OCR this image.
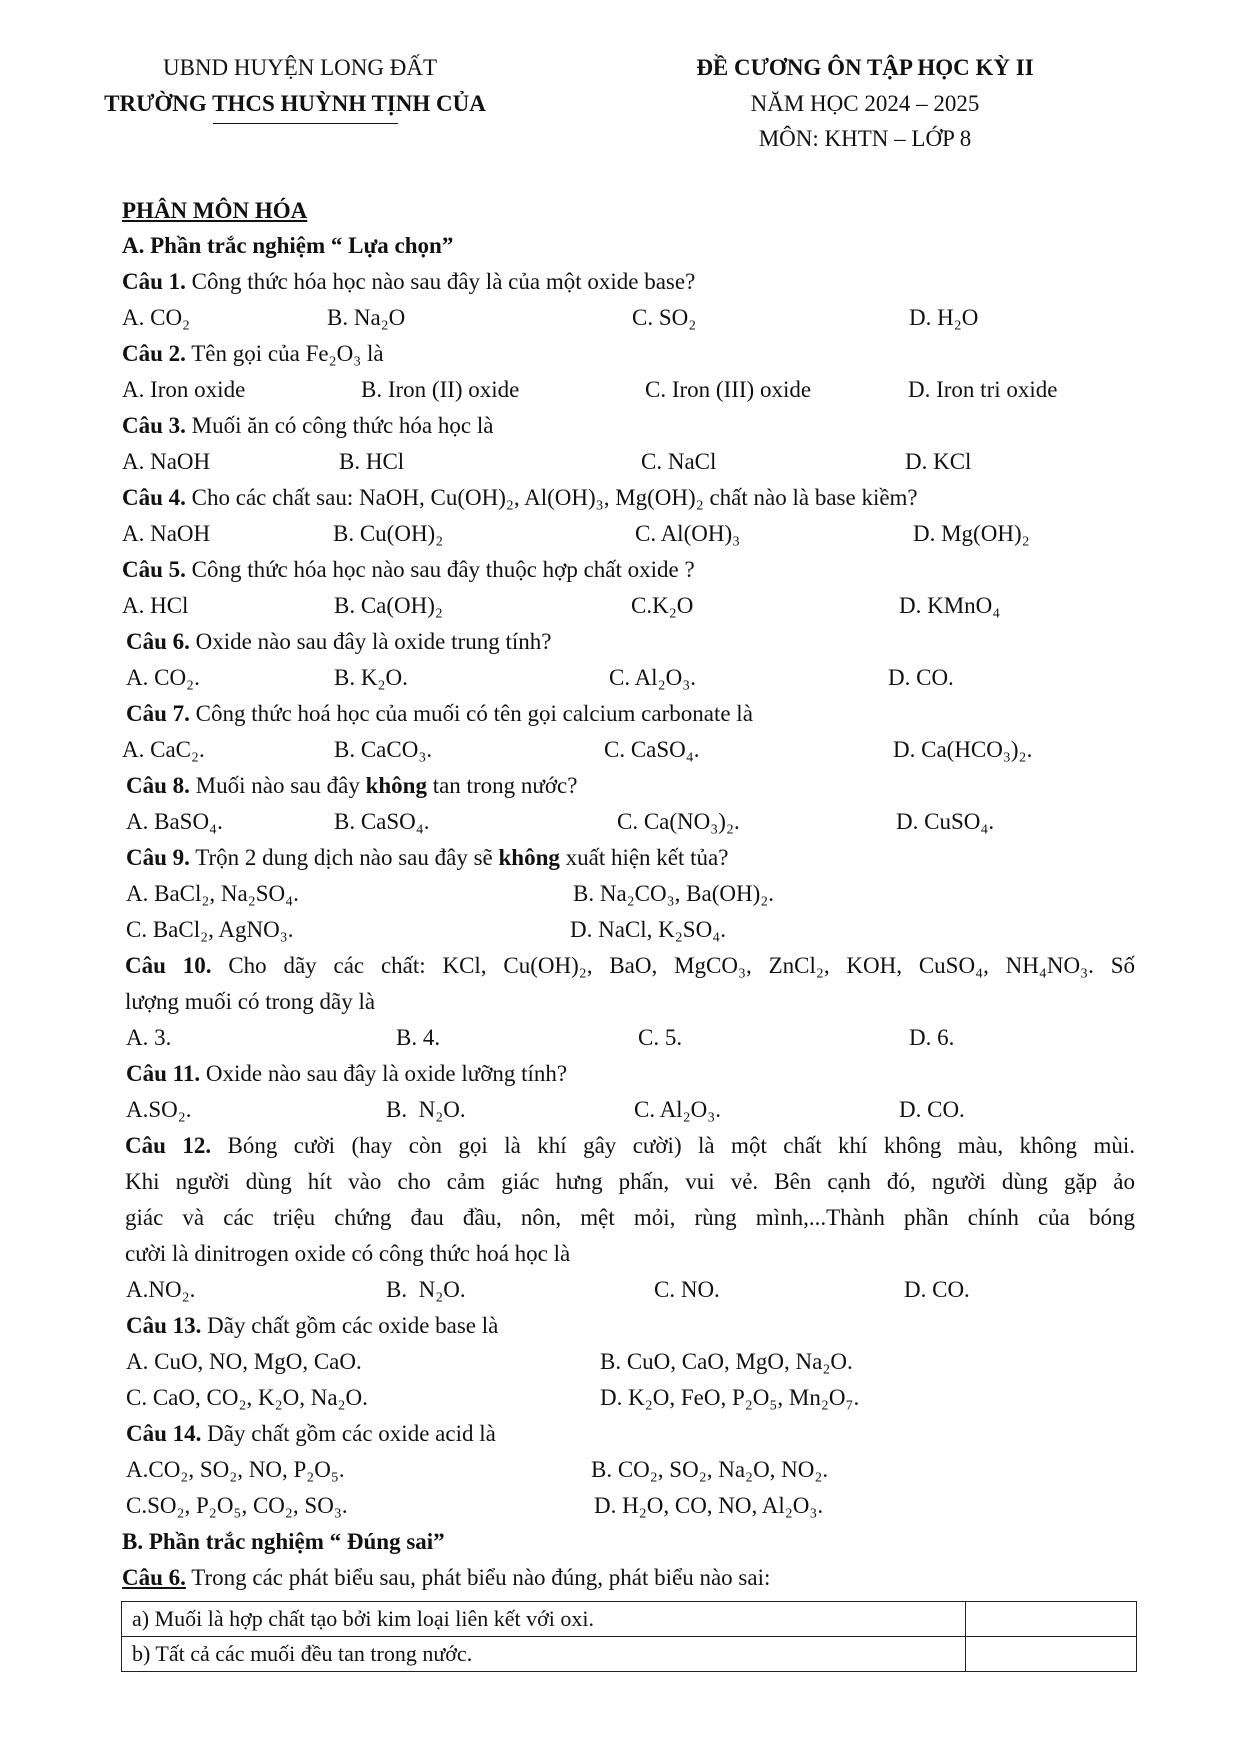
UBND HUYỆN LONG ĐẤT
TRƯỜNG THCS HUỲNH TỊNH CỦA
ĐỀ CƯƠNG ÔN TẬP HỌC KỲ II
NĂM HỌC 2024 – 2025
MÔN: KHTN – LỚP 8
PHÂN MÔN HÓA
A. Phần trắc nghiệm “ Lựa chọn”
Câu 1. Công thức hóa học nào sau đây là của một oxide base?
A. CO₂	B. Na₂O	C. SO₂	D. H₂O
Câu 2. Tên gọi của Fe₂O₃ là
A. Iron oxide	B. Iron (II) oxide	C. Iron (III) oxide	D. Iron tri oxide
Câu 3. Muối ăn có công thức hóa học là
A. NaOH	B. HCl	C. NaCl	D. KCl
Câu 4. Cho các chất sau: NaOH, Cu(OH)₂, Al(OH)₃, Mg(OH)₂ chất nào là base kiềm?
A. NaOH	B. Cu(OH)₂	C. Al(OH)₃	D. Mg(OH)₂
Câu 5. Công thức hóa học nào sau đây thuộc hợp chất oxide ?
A. HCl	B. Ca(OH)₂	C.K₂O	D. KMnO₄
Câu 6. Oxide nào sau đây là oxide trung tính?
A. CO₂.	B. K₂O.	C. Al₂O₃.	D. CO.
Câu 7. Công thức hoá học của muối có tên gọi calcium carbonate là
A. CaC₂.	B. CaCO₃.	C. CaSO₄.	D. Ca(HCO₃)₂.
Câu 8. Muối nào sau đây không tan trong nước?
A. BaSO₄.	B. CaSO₄.	C. Ca(NO₃)₂.	D. CuSO₄.
Câu 9. Trộn 2 dung dịch nào sau đây sẽ không xuất hiện kết tủa?
A. BaCl₂, Na₂SO₄.	B. Na₂CO₃, Ba(OH)₂.
C. BaCl₂, AgNO₃.	D. NaCl, K₂SO₄.
Câu 10. Cho dãy các chất: KCl, Cu(OH)₂, BaO, MgCO₃, ZnCl₂, KOH, CuSO₄, NH₄NO₃. Số
lượng muối có trong dãy là
A. 3.	B. 4.	C. 5.	D. 6.
Câu 11. Oxide nào sau đây là oxide lưỡng tính?
A.SO₂.	B.  N₂O.	C. Al₂O₃.	D. CO.
Câu 12. Bóng cười (hay còn gọi là khí gây cười) là một chất khí không màu, không mùi.
Khi người dùng hít vào cho cảm giác hưng phấn, vui vẻ. Bên cạnh đó, người dùng gặp ảo
giác và các triệu chứng đau đầu, nôn, mệt mỏi, rùng mình,...Thành phần chính của bóng
cười là dinitrogen oxide có công thức hoá học là
A.NO₂.	B.  N₂O.	C. NO.	D. CO.
Câu 13. Dãy chất gồm các oxide base là
A. CuO, NO, MgO, CaO.	B. CuO, CaO, MgO, Na₂O.
C. CaO, CO₂, K₂O, Na₂O.	D. K₂O, FeO, P₂O₅, Mn₂O₇.
Câu 14. Dãy chất gồm các oxide acid là
A.CO₂, SO₂, NO, P₂O₅.	B. CO₂, SO₂, Na₂O, NO₂.
C.SO₂, P₂O₅, CO₂, SO₃.	D. H₂O, CO, NO, Al₂O₃.
B. Phần trắc nghiệm “ Đúng sai”
Câu 6. Trong các phát biểu sau, phát biểu nào đúng, phát biểu nào sai:
a) Muối là hợp chất tạo bởi kim loại liên kết với oxi.	
b) Tất cả các muối đều tan trong nước.	
